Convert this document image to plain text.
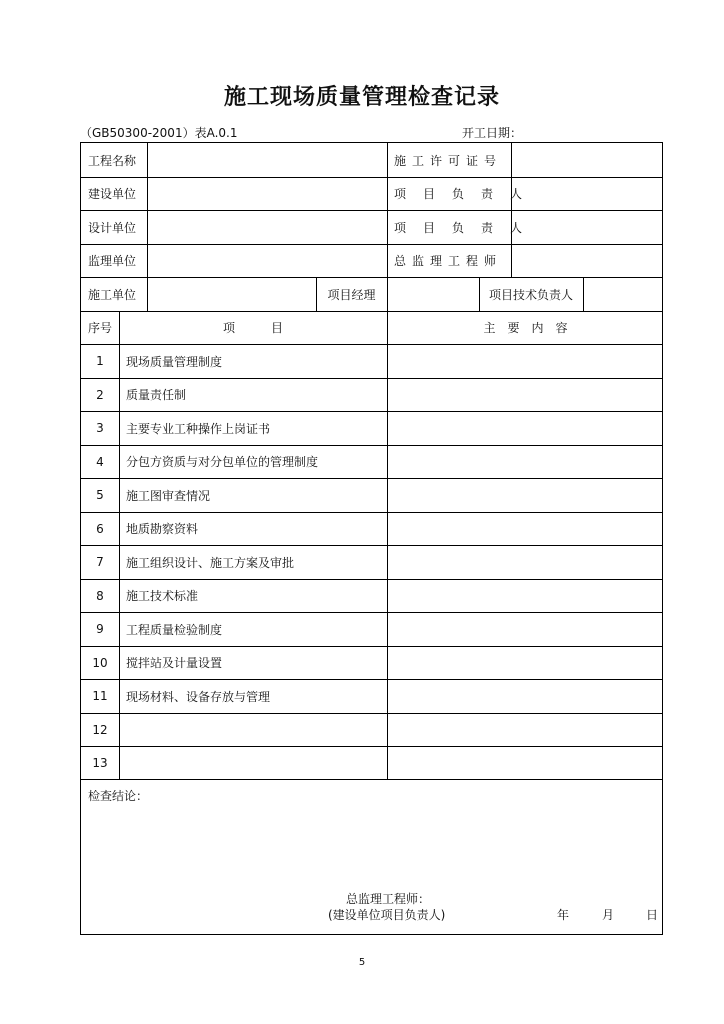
施工现场质量管理检查记录
（GB50300-2001）表A.0.1	开工日期：
工程名称	施工许可证号
建设单位	项目负责人
设计单位	项目负责人
监理单位	总监理工程师
施工单位	项目经理	项目技术负责人
序号	项　　　目	主　要　内　容
1	现场质量管理制度
2	质量责任制
3	主要专业工种操作上岗证书
4	分包方资质与对分包单位的管理制度
5	施工图审查情况
6	地质勘察资料
7	施工组织设计、施工方案及审批
8	施工技术标准
9	工程质量检验制度
10	搅拌站及计量设置
11	现场材料、设备存放与管理
12
13
检查结论：
总监理工程师：
(建设单位项目负责人)	年	月	日
5
